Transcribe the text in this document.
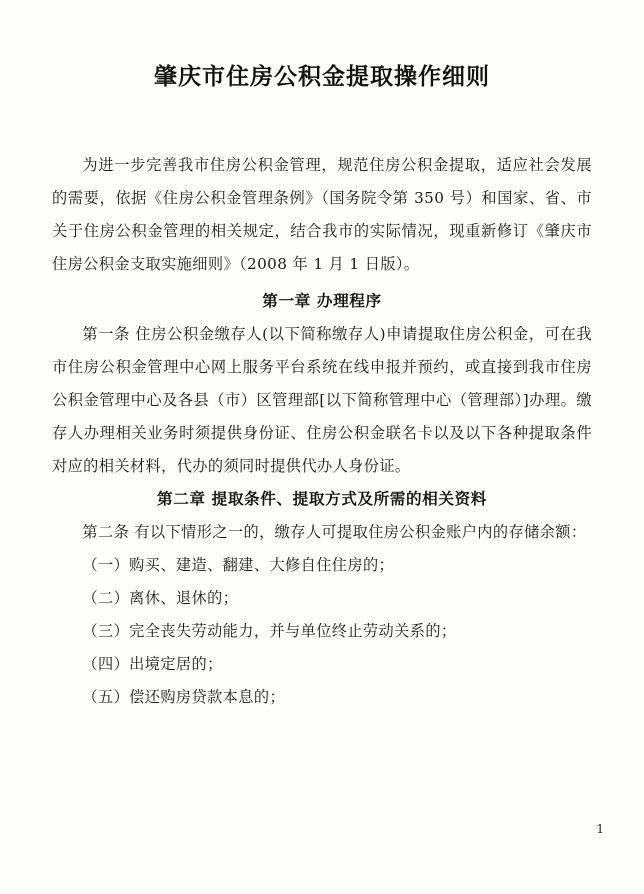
肇庆市住房公积金提取操作细则

为进一步完善我市住房公积金管理，规范住房公积金提取，适应社会发展的需要，依据《住房公积金管理条例》（国务院令第 350 号）和国家、省、市关于住房公积金管理的相关规定，结合我市的实际情况，现重新修订《肇庆市住房公积金支取实施细则》（2008 年 1 月 1 日版）。

第一章 办理程序

第一条 住房公积金缴存人(以下简称缴存人)申请提取住房公积金，可在我市住房公积金管理中心网上服务平台系统在线申报并预约，或直接到我市住房公积金管理中心及各县（市）区管理部[以下简称管理中心（管理部）]办理。缴存人办理相关业务时须提供身份证、住房公积金联名卡以及以下各种提取条件对应的相关材料，代办的须同时提供代办人身份证。

第二章 提取条件、提取方式及所需的相关资料

第二条 有以下情形之一的，缴存人可提取住房公积金账户内的存储余额：

（一）购买、建造、翻建、大修自住住房的；

（二）离休、退休的；

（三）完全丧失劳动能力，并与单位终止劳动关系的；

（四）出境定居的；

（五）偿还购房贷款本息的；

1
